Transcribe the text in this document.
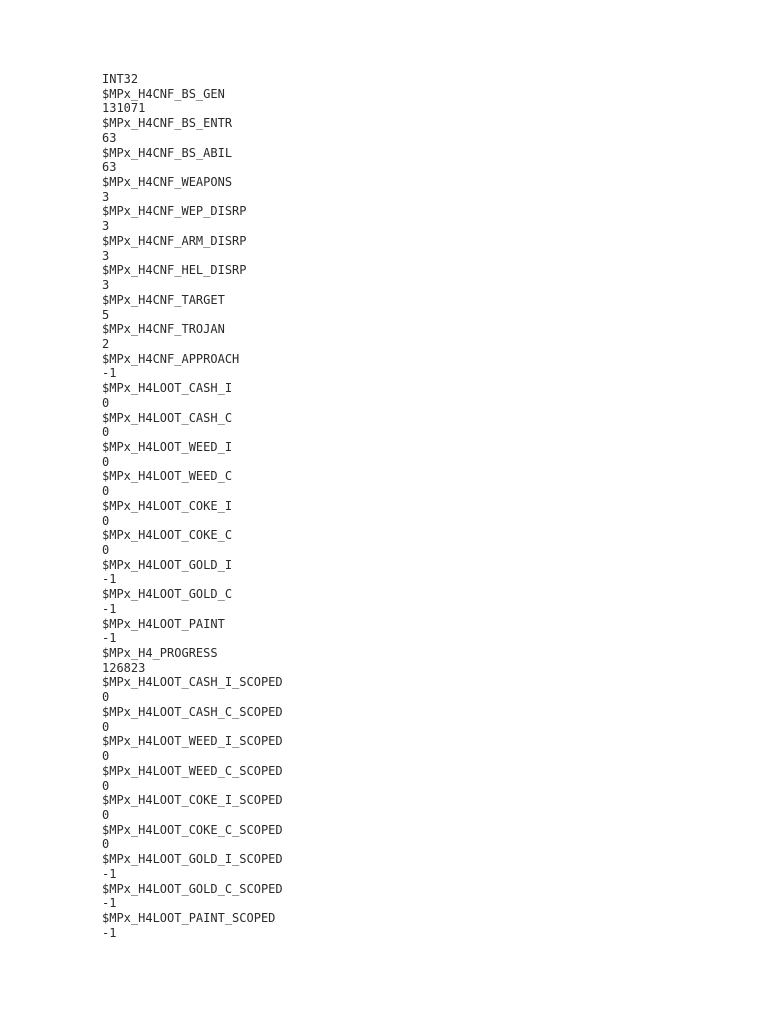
INT32
$MPx_H4CNF_BS_GEN
131071
$MPx_H4CNF_BS_ENTR
63
$MPx_H4CNF_BS_ABIL
63
$MPx_H4CNF_WEAPONS
3
$MPx_H4CNF_WEP_DISRP
3
$MPx_H4CNF_ARM_DISRP
3
$MPx_H4CNF_HEL_DISRP
3
$MPx_H4CNF_TARGET
5
$MPx_H4CNF_TROJAN
2
$MPx_H4CNF_APPROACH
-1
$MPx_H4LOOT_CASH_I
0
$MPx_H4LOOT_CASH_C
0
$MPx_H4LOOT_WEED_I
0
$MPx_H4LOOT_WEED_C
0
$MPx_H4LOOT_COKE_I
0
$MPx_H4LOOT_COKE_C
0
$MPx_H4LOOT_GOLD_I
-1
$MPx_H4LOOT_GOLD_C
-1
$MPx_H4LOOT_PAINT
-1
$MPx_H4_PROGRESS
126823
$MPx_H4LOOT_CASH_I_SCOPED
0
$MPx_H4LOOT_CASH_C_SCOPED
0
$MPx_H4LOOT_WEED_I_SCOPED
0
$MPx_H4LOOT_WEED_C_SCOPED
0
$MPx_H4LOOT_COKE_I_SCOPED
0
$MPx_H4LOOT_COKE_C_SCOPED
0
$MPx_H4LOOT_GOLD_I_SCOPED
-1
$MPx_H4LOOT_GOLD_C_SCOPED
-1
$MPx_H4LOOT_PAINT_SCOPED
-1
